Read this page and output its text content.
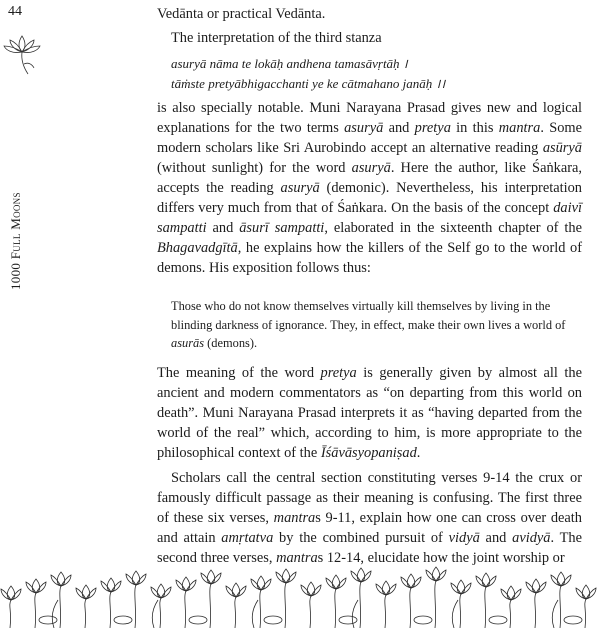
44
1000 Full Moons

Vedānta or practical Vedānta.

The interpretation of the third stanza

asuryā nāma te lokāḥ andhena tamasāvṛtāḥ ।

tāṁste pretyābhigacchanti ye ke cātmahano janāḥ ।।

is also specially notable. Muni Narayana Prasad gives new and logical explanations for the two terms asuryā and pretya in this mantra. Some modern scholars like Sri Aurobindo accept an alternative reading asūryā (without sunlight) for the word asuryā. Here the author, like Śaṅkara, accepts the reading asuryā (demonic). Nevertheless, his interpretation differs very much from that of Śaṅkara. On the basis of the concept daivī sampatti and āsurī sampatti, elaborated in the sixteenth chapter of the Bhagavadgītā, he explains how the killers of the Self go to the world of demons. His exposition follows thus:

Those who do not know themselves virtually kill themselves by living in the blinding darkness of ignorance. They, in effect, make their own lives a world of asurās (demons).

The meaning of the word pretya is generally given by almost all the ancient and modern commentators as “on departing from this world on death”. Muni Narayana Prasad interprets it as “having departed from the world of the real” which, according to him, is more appropriate to the philosophical context of the Īśāvāsyopaniṣad.

Scholars call the central section constituting verses 9-14 the crux or famously difficult passage as their meaning is confusing. The first three of these six verses, mantras 9-11, explain how one can cross over death and attain amṛtatva by the combined pursuit of vidyā and avidyā. The second three verses, mantras 12-14, elucidate how the joint worship or
